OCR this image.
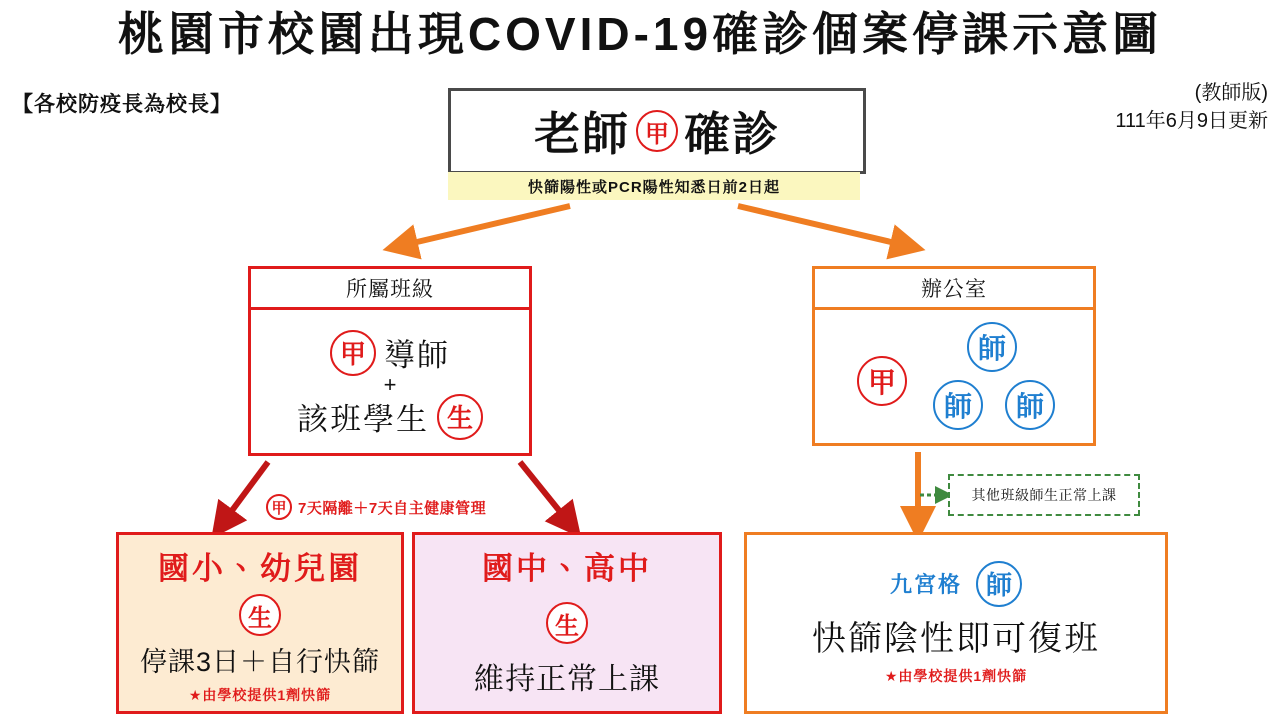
桃園市校園出現COVID-19確診個案停課示意圖
【各校防疫長為校長】	(教師版)
111年6月9日更新
老師 甲 確診
快篩陽性或PCR陽性知悉日前2日起
所屬班級
甲 導師
+
該班學生 生
辦公室
甲
師
師	師
甲 7天隔離＋7天自主健康管理
其他班級師生正常上課
國小、幼兒園
生
停課3日＋自行快篩
★由學校提供1劑快篩
國中、高中
生
維持正常上課
九宮格 師
快篩陰性即可復班
★由學校提供1劑快篩
